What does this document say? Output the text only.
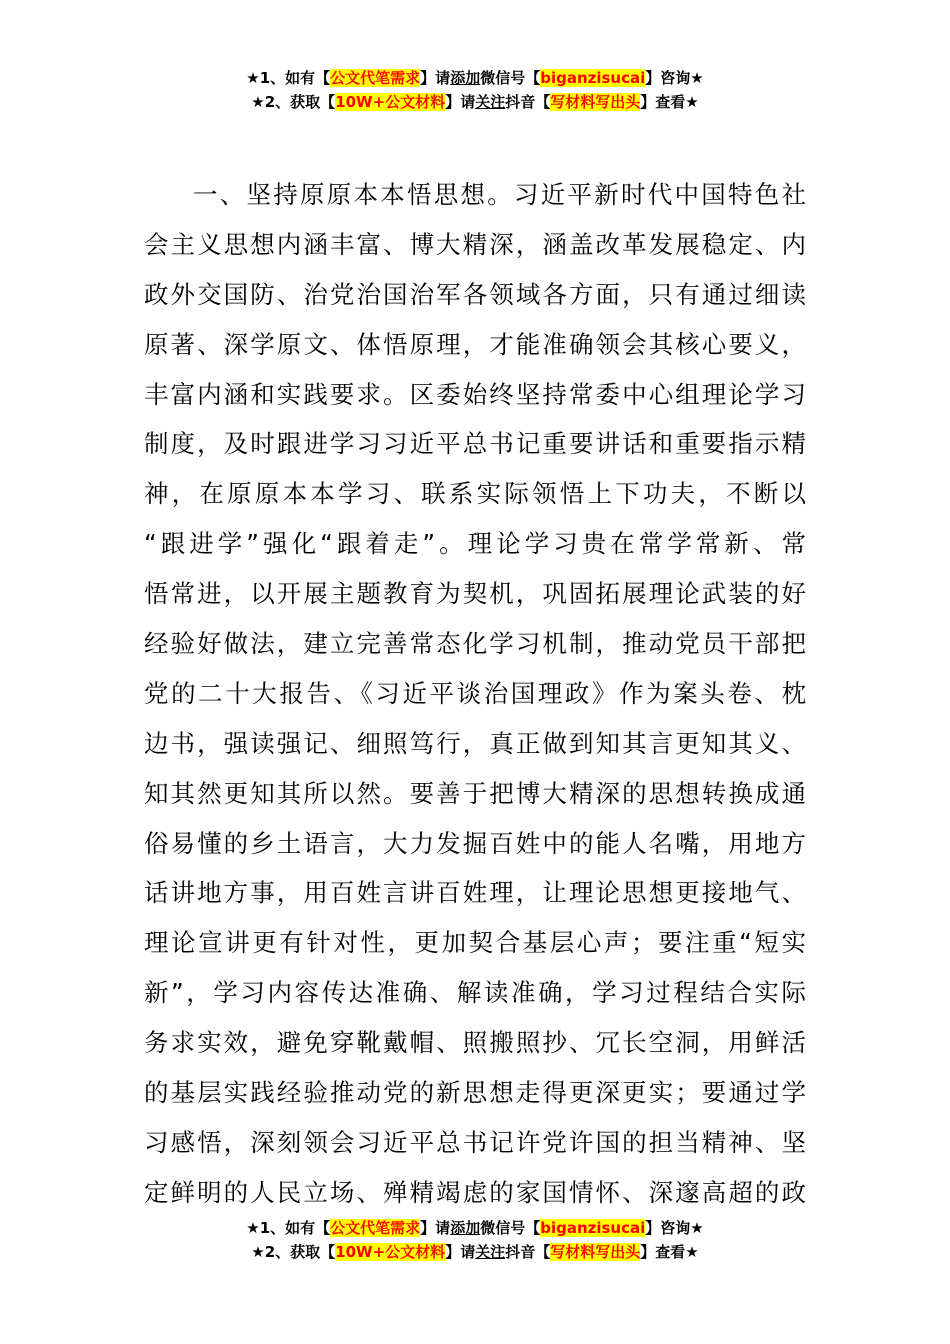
★1、如有【公文代笔需求】请添加微信号【biganzisucai】咨询★
★2、获取【10W+公文材料】请关注抖音【写材料写出头】查看★
一、坚持原原本本悟思想。习近平新时代中国特色社
会主义思想内涵丰富、博大精深，涵盖改革发展稳定、内
政外交国防、治党治国治军各领域各方面，只有通过细读
原著、深学原文、体悟原理，才能准确领会其核心要义，
丰富内涵和实践要求。区委始终坚持常委中心组理论学习
制度，及时跟进学习习近平总书记重要讲话和重要指示精
神，在原原本本学习、联系实际领悟上下功夫，不断以
“跟进学”强化“跟着走”。理论学习贵在常学常新、常
悟常进，以开展主题教育为契机，巩固拓展理论武装的好
经验好做法，建立完善常态化学习机制，推动党员干部把
党的二十大报告、《习近平谈治国理政》作为案头卷、枕
边书，强读强记、细照笃行，真正做到知其言更知其义、
知其然更知其所以然。要善于把博大精深的思想转换成通
俗易懂的乡土语言，大力发掘百姓中的能人名嘴，用地方
话讲地方事，用百姓言讲百姓理，让理论思想更接地气、
理论宣讲更有针对性，更加契合基层心声；要注重“短实
新”，学习内容传达准确、解读准确，学习过程结合实际
务求实效，避免穿靴戴帽、照搬照抄、冗长空洞，用鲜活
的基层实践经验推动党的新思想走得更深更实；要通过学
习感悟，深刻领会习近平总书记许党许国的担当精神、坚
定鲜明的人民立场、殚精竭虑的家国情怀、深邃高超的政
★1、如有【公文代笔需求】请添加微信号【biganzisucai】咨询★
★2、获取【10W+公文材料】请关注抖音【写材料写出头】查看★
